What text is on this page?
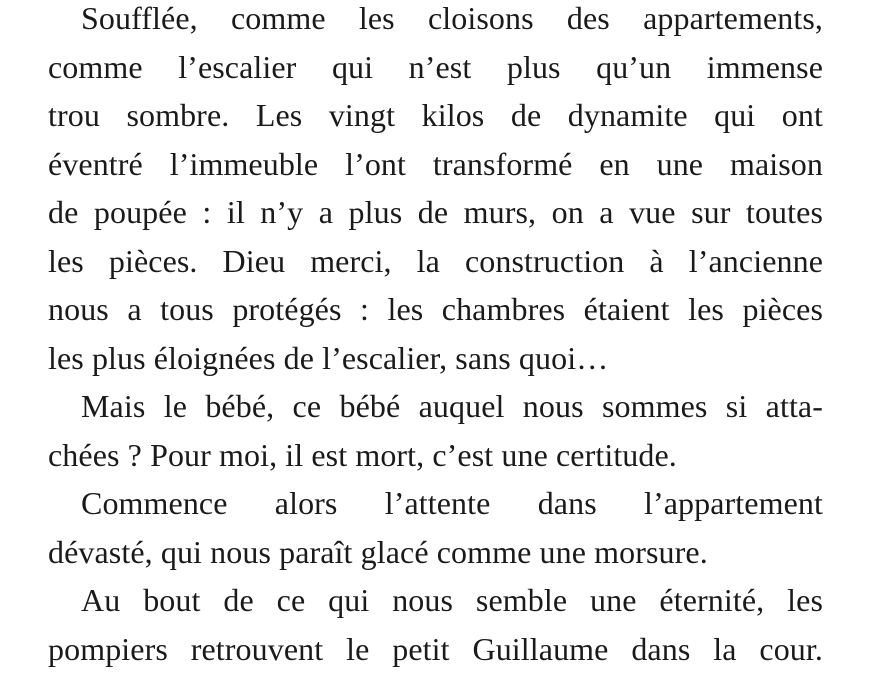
Soufflée, comme les cloisons des appartements,
comme l’escalier qui n’est plus qu’un immense
trou sombre. Les vingt kilos de dynamite qui ont
éventré l’immeuble l’ont transformé en une maison
de poupée : il n’y a plus de murs, on a vue sur toutes
les pièces. Dieu merci, la construction à l’ancienne
nous a tous protégés : les chambres étaient les pièces
les plus éloignées de l’escalier, sans quoi…
Mais le bébé, ce bébé auquel nous sommes si atta-
chées ? Pour moi, il est mort, c’est une certitude.
Commence alors l’attente dans l’appartement
dévasté, qui nous paraît glacé comme une morsure.
Au bout de ce qui nous semble une éternité, les
pompiers retrouvent le petit Guillaume dans la cour.
